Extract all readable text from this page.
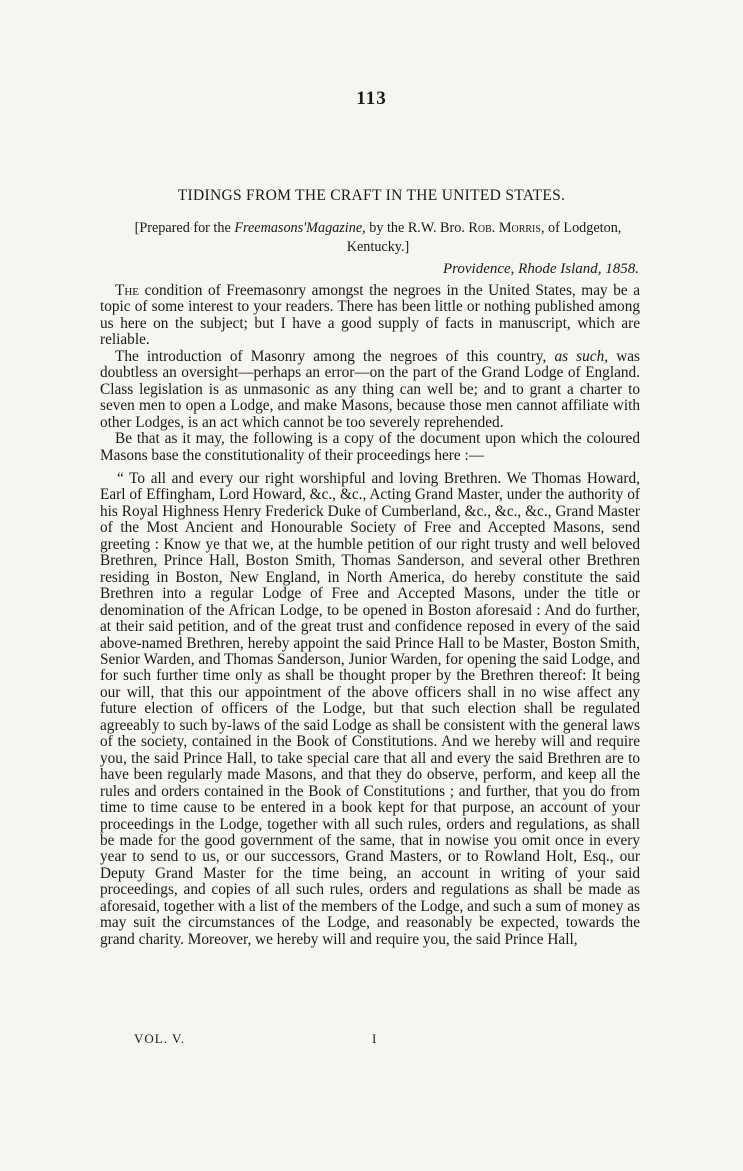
113
TIDINGS FROM THE CRAFT IN THE UNITED STATES.
[Prepared for the Freemasons'Magazine, by the R.W. Bro. Rob. Morris, of Lodgeton, Kentucky.]
Providence, Rhode Island, 1858.

The condition of Freemasonry amongst the negroes in the United States, may be a topic of some interest to your readers. There has been little or nothing published among us here on the subject; but I have a good supply of facts in manuscript, which are reliable.

The introduction of Masonry among the negroes of this country, as such, was doubtless an oversight—perhaps an error—on the part of the Grand Lodge of England. Class legislation is as unmasonic as any thing can well be; and to grant a charter to seven men to open a Lodge, and make Masons, because those men cannot affiliate with other Lodges, is an act which cannot be too severely reprehended.

Be that as it may, the following is a copy of the document upon which the coloured Masons base the constitutionality of their proceedings here :—

“ To all and every our right worshipful and loving Brethren. We Thomas Howard, Earl of Effingham, Lord Howard, &c., &c., Acting Grand Master, under the authority of his Royal Highness Henry Frederick Duke of Cumberland, &c., &c., &c., Grand Master of the Most Ancient and Honourable Society of Free and Accepted Masons, send greeting : Know ye that we, at the humble petition of our right trusty and well beloved Brethren, Prince Hall, Boston Smith, Thomas Sanderson, and several other Brethren residing in Boston, New England, in North America, do hereby constitute the said Brethren into a regular Lodge of Free and Accepted Masons, under the title or denomination of the African Lodge, to be opened in Boston aforesaid : And do further, at their said petition, and of the great trust and confidence reposed in every of the said above-named Brethren, hereby appoint the said Prince Hall to be Master, Boston Smith, Senior Warden, and Thomas Sanderson, Junior Warden, for opening the said Lodge, and for such further time only as shall be thought proper by the Brethren thereof: It being our will, that this our appointment of the above officers shall in no wise affect any future election of officers of the Lodge, but that such election shall be regulated agreeably to such by-laws of the said Lodge as shall be consistent with the general laws of the society, contained in the Book of Constitutions. And we hereby will and require you, the said Prince Hall, to take special care that all and every the said Brethren are to have been regularly made Masons, and that they do observe, perform, and keep all the rules and orders contained in the Book of Constitutions ; and further, that you do from time to time cause to be entered in a book kept for that purpose, an account of your proceedings in the Lodge, together with all such rules, orders and regulations, as shall be made for the good government of the same, that in nowise you omit once in every year to send to us, or our successors, Grand Masters, or to Rowland Holt, Esq., our Deputy Grand Master for the time being, an account in writing of your said proceedings, and copies of all such rules, orders and regulations as shall be made as aforesaid, together with a list of the members of the Lodge, and such a sum of money as may suit the circumstances of the Lodge, and reasonably be expected, towards the grand charity. Moreover, we hereby will and require you, the said Prince Hall,

VOL. V.	I
